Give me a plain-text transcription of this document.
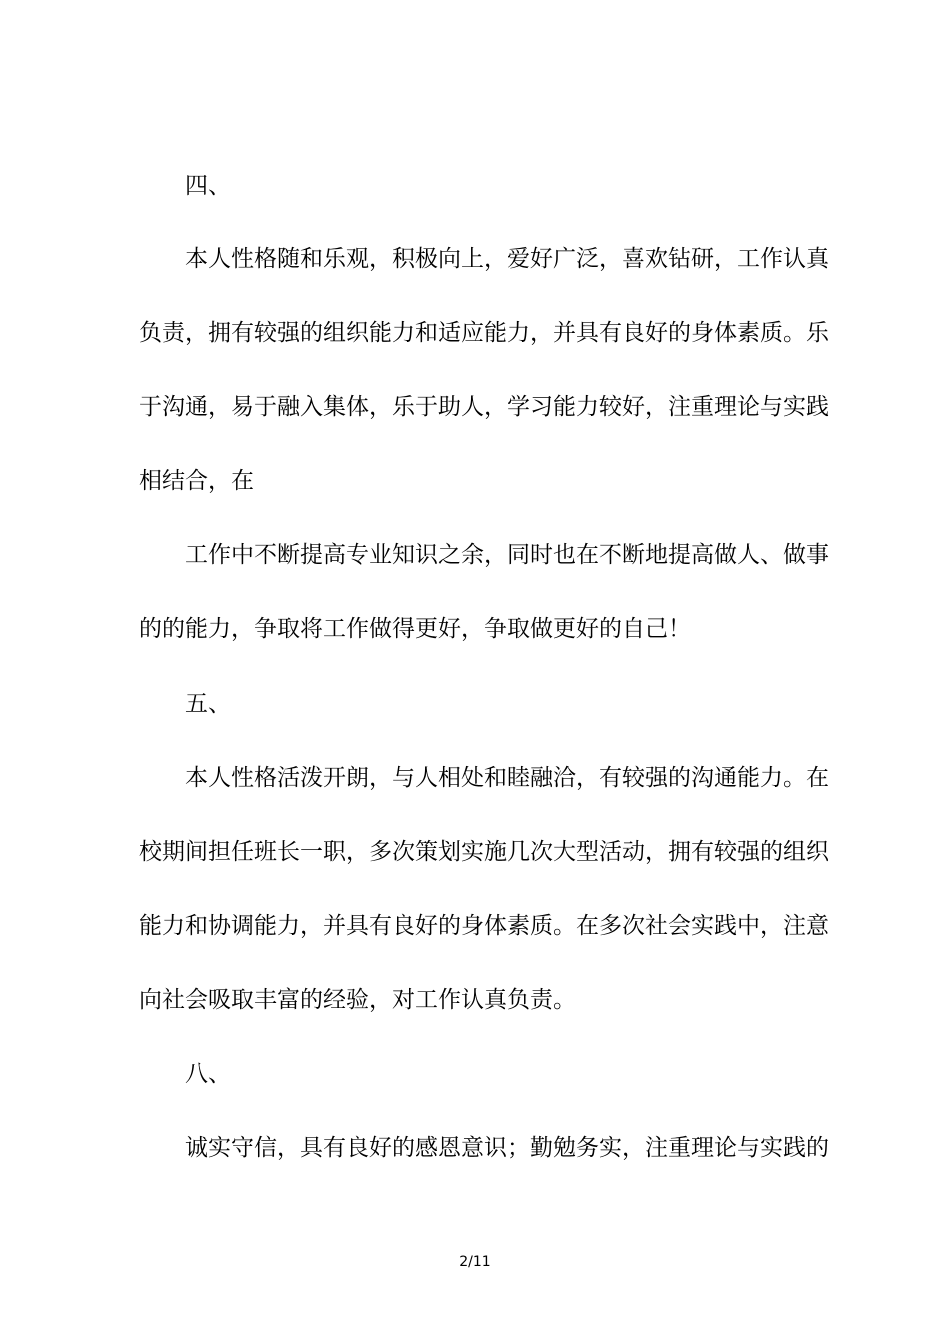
四、
本人性格随和乐观，积极向上，爱好广泛，喜欢钻研，工作认真
负责，拥有较强的组织能力和适应能力，并具有良好的身体素质。乐
于沟通，易于融入集体，乐于助人，学习能力较好，注重理论与实践
相结合，在
工作中不断提高专业知识之余，同时也在不断地提高做人、做事
的的能力，争取将工作做得更好，争取做更好的自己！
五、
本人性格活泼开朗，与人相处和睦融洽，有较强的沟通能力。在
校期间担任班长一职，多次策划实施几次大型活动，拥有较强的组织
能力和协调能力，并具有良好的身体素质。在多次社会实践中，注意
向社会吸取丰富的经验，对工作认真负责。
八、
诚实守信，具有良好的感恩意识；勤勉务实，注重理论与实践的
2/11
